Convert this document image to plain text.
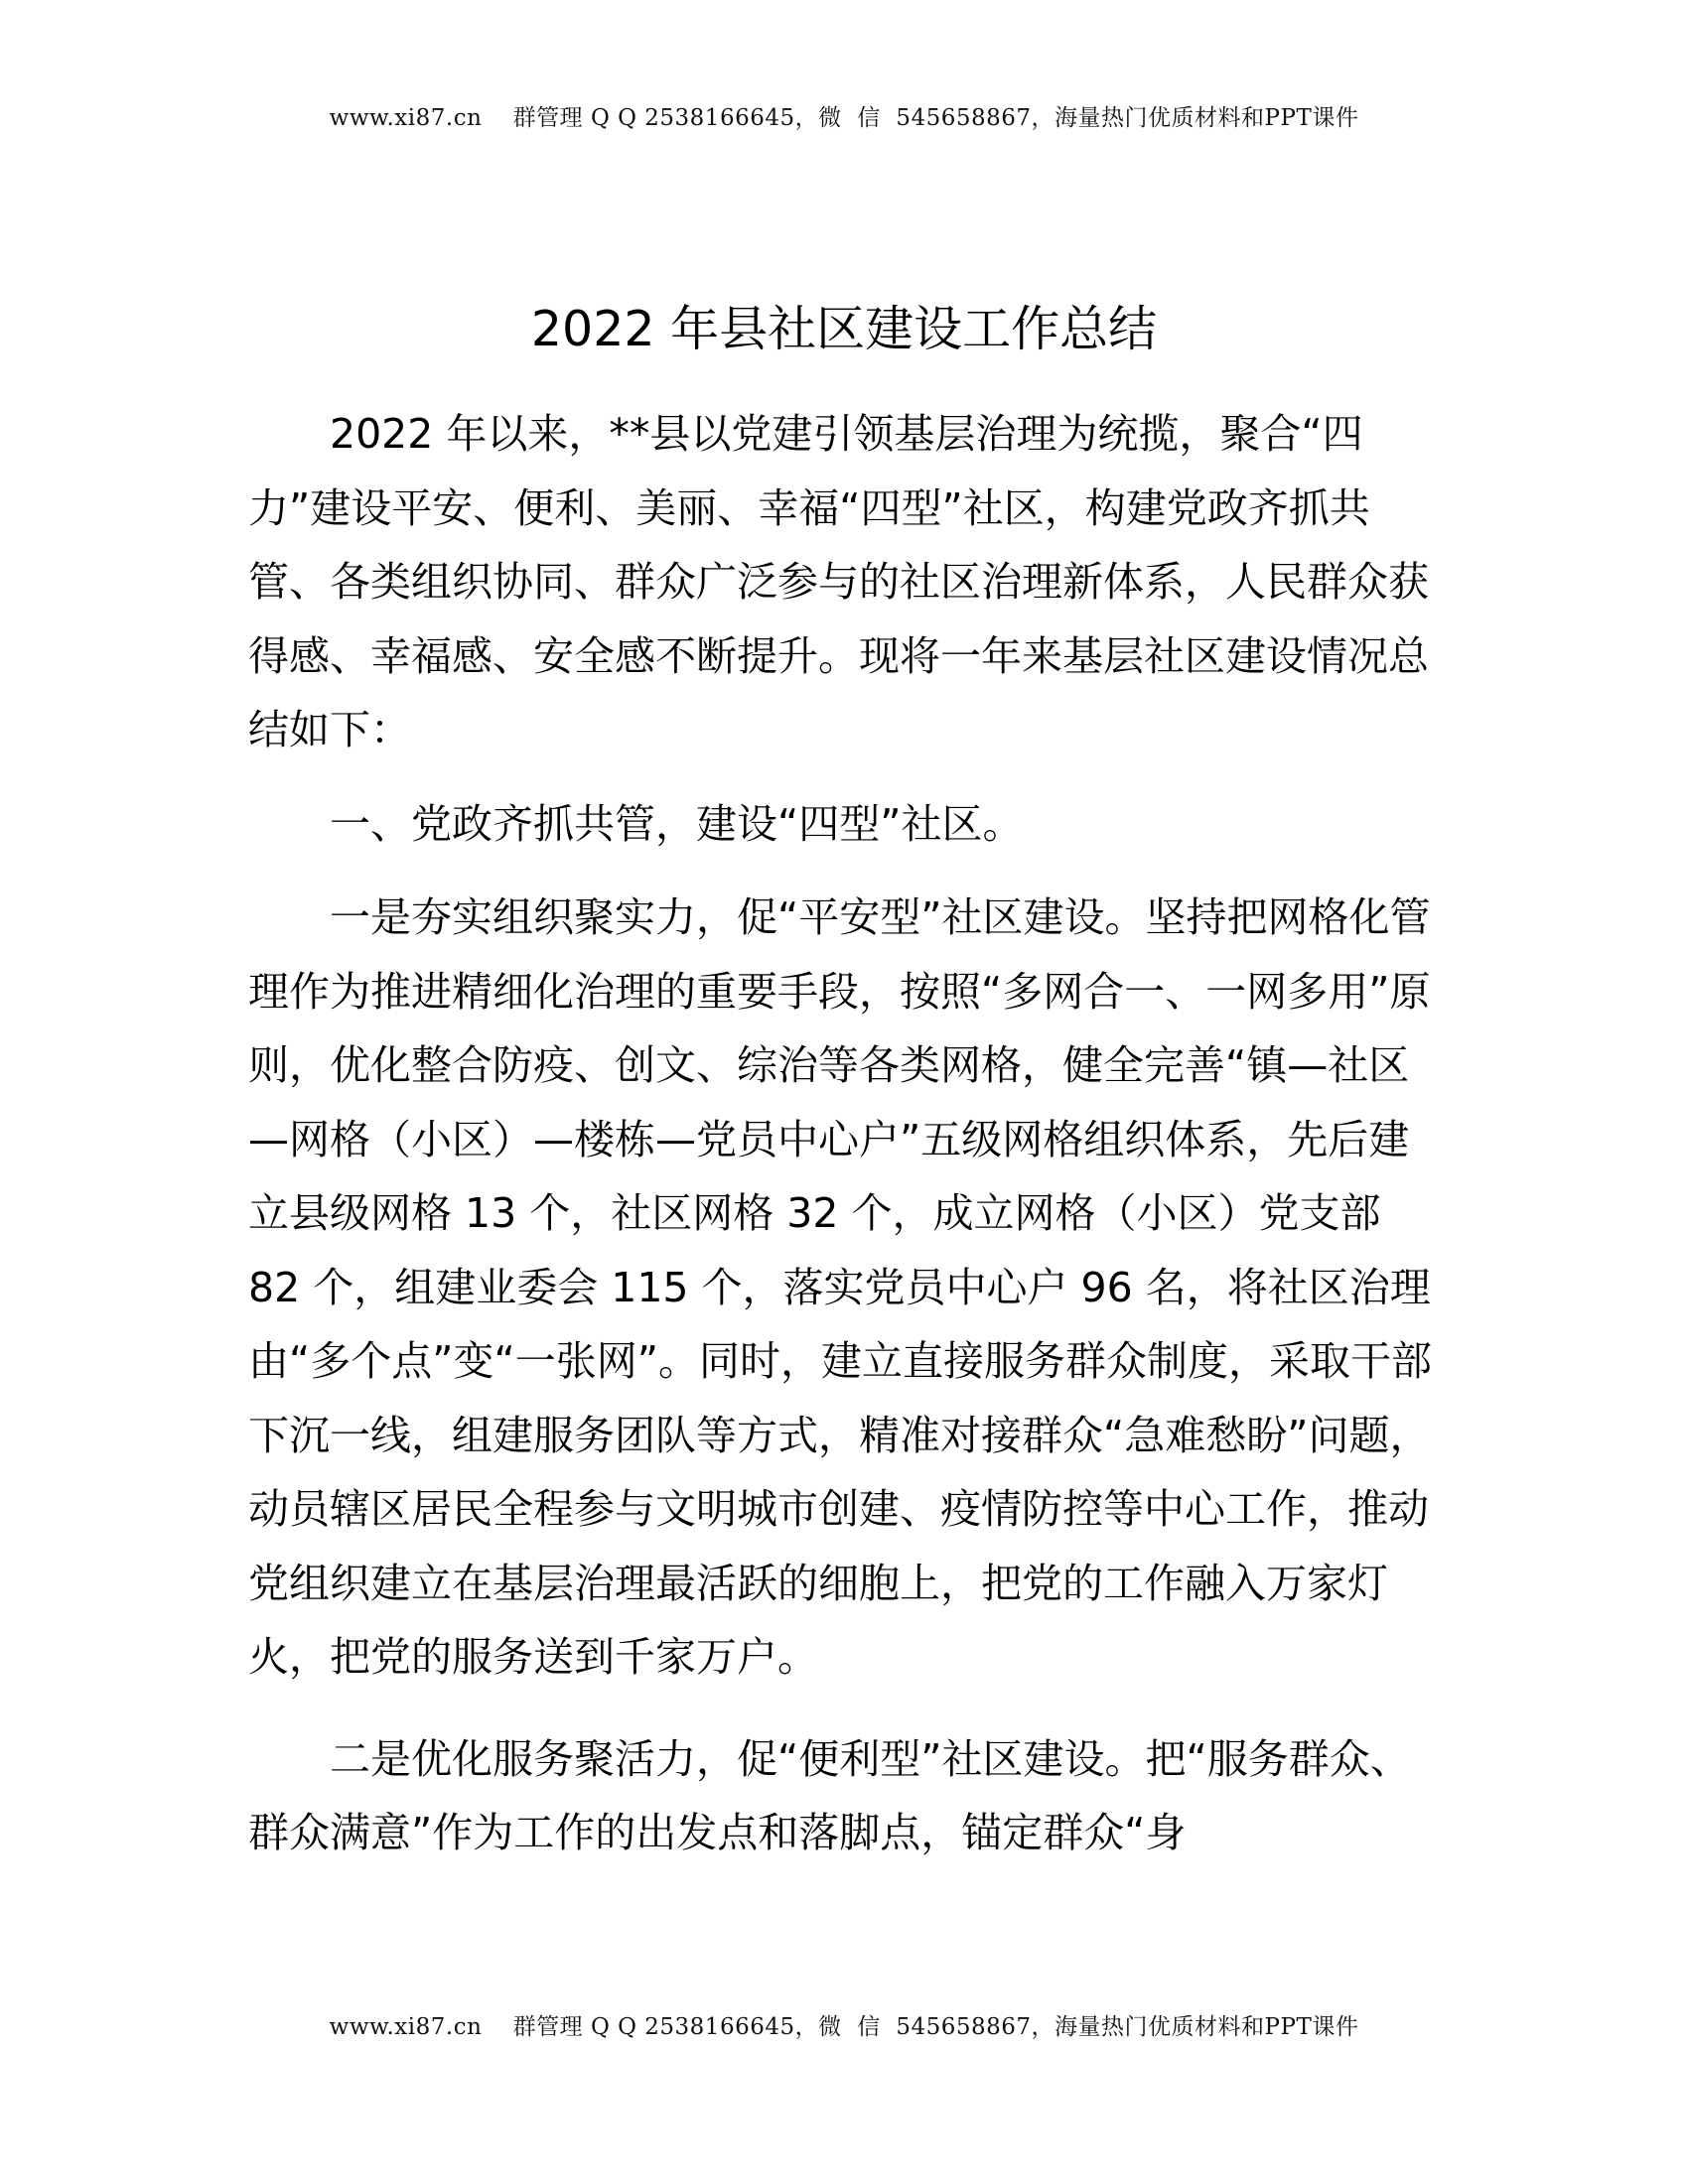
www.xi87.cn    群管理 Q Q 2538166645，微  信  545658867，海量热门优质材料和PPT课件
2022 年县社区建设工作总结

2022 年以来，**县以党建引领基层治理为统揽，聚合“四力”建设平安、便利、美丽、幸福“四型”社区，构建党政齐抓共管、各类组织协同、群众广泛参与的社区治理新体系，人民群众获得感、幸福感、安全感不断提升。现将一年来基层社区建设情况总结如下：

一、党政齐抓共管，建设“四型”社区。

一是夯实组织聚实力，促“平安型”社区建设。坚持把网格化管理作为推进精细化治理的重要手段，按照“多网合一、一网多用”原则，优化整合防疫、创文、综治等各类网格，健全完善“镇—社区—网格（小区）—楼栋—党员中心户”五级网格组织体系，先后建立县级网格 13 个，社区网格 32 个，成立网格（小区）党支部 82 个，组建业委会 115 个，落实党员中心户 96 名，将社区治理由“多个点”变“一张网”。同时，建立直接服务群众制度，采取干部下沉一线，组建服务团队等方式，精准对接群众“急难愁盼”问题，动员辖区居民全程参与文明城市创建、疫情防控等中心工作，推动党组织建立在基层治理最活跃的细胞上，把党的工作融入万家灯火，把党的服务送到千家万户。

二是优化服务聚活力，促“便利型”社区建设。把“服务群众、群众满意”作为工作的出发点和落脚点，锚定群众“身

www.xi87.cn    群管理 Q Q 2538166645，微  信  545658867，海量热门优质材料和PPT课件
